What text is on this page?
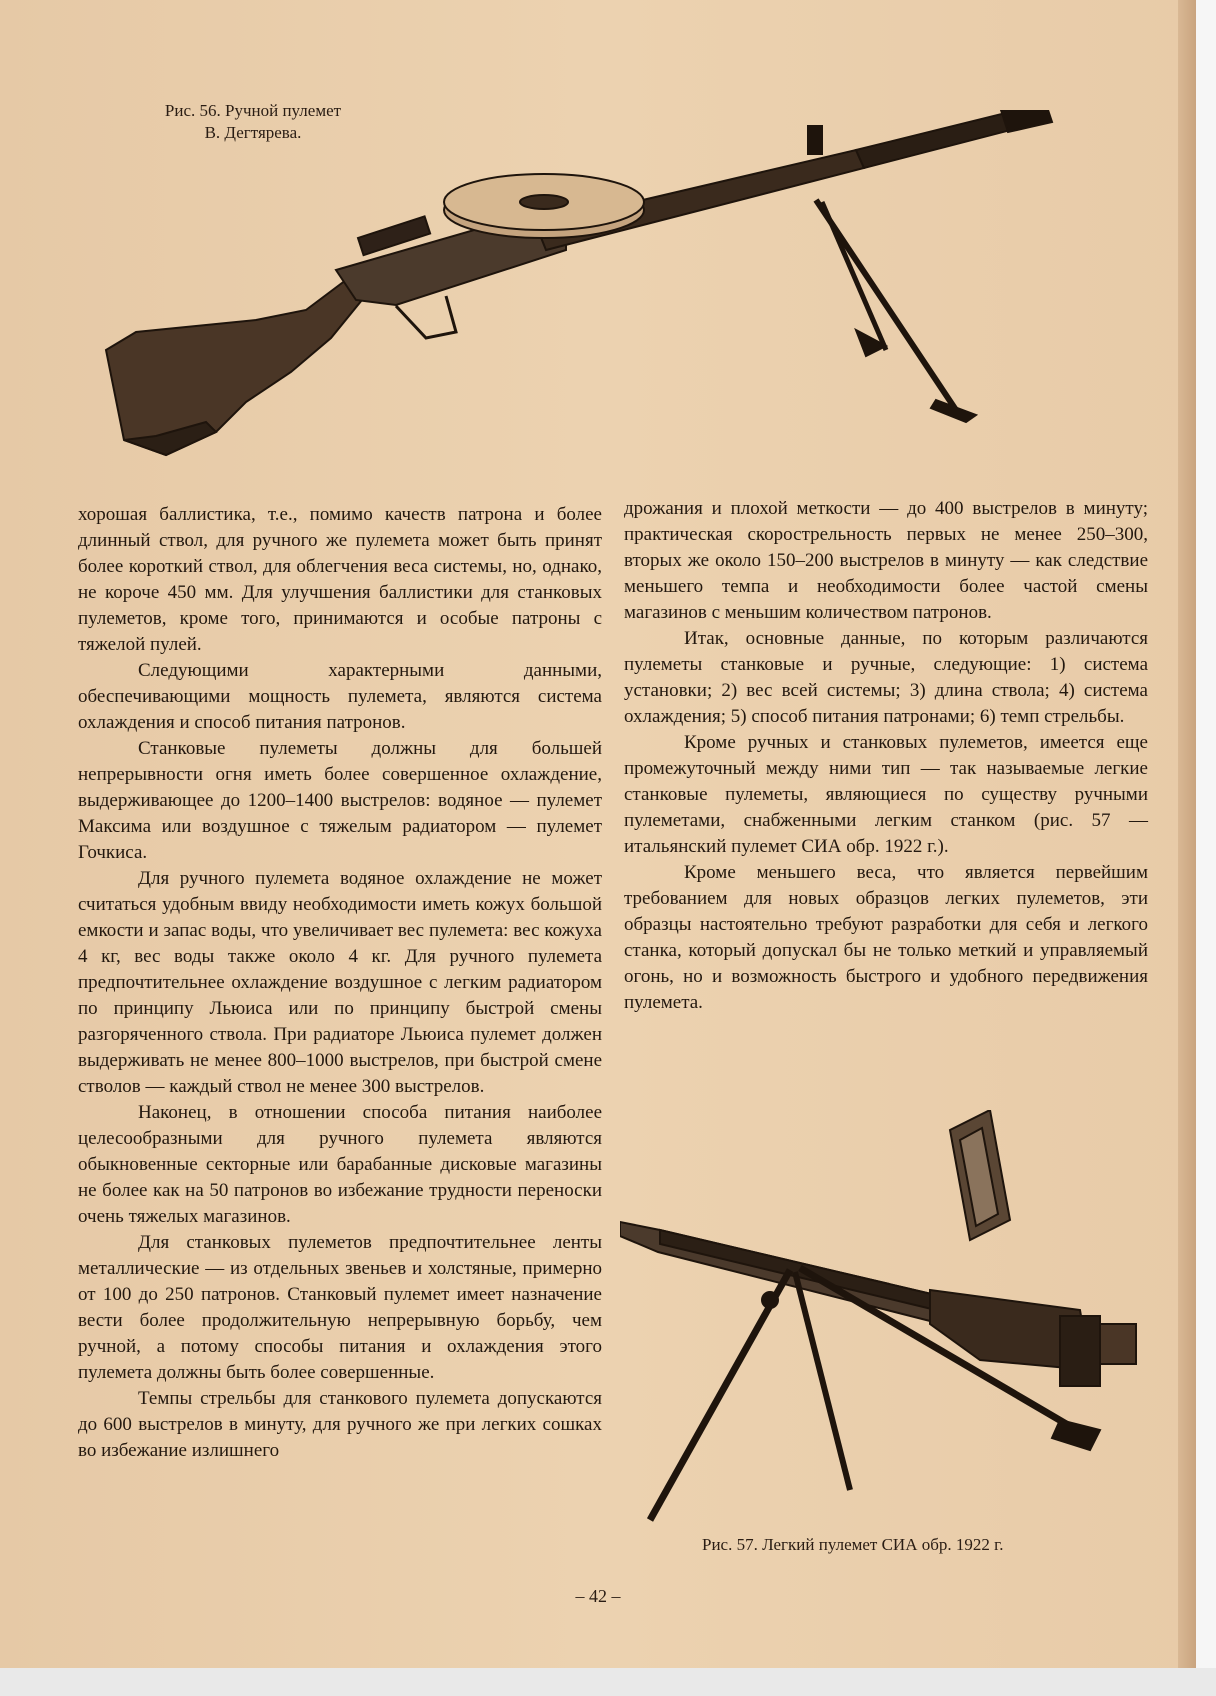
Рис. 56. Ручной пулемет
В. Дегтярева.

хорошая баллистика, т.е., помимо качеств патрона и более длинный ствол, для ручного же пулемета может быть принят более короткий ствол, для облегчения веса системы, но, однако, не короче 450 мм. Для улучшения баллистики для станковых пулеметов, кроме того, принимаются и особые патроны с тяжелой пулей.

Следующими характерными данными, обеспечивающими мощность пулемета, являются система охлаждения и способ питания патронов.

Станковые пулеметы должны для большей непрерывности огня иметь более совершенное охлаждение, выдерживающее до 1200–1400 выстрелов: водяное — пулемет Максима или воздушное с тяжелым радиатором — пулемет Гочкиса.

Для ручного пулемета водяное охлаждение не может считаться удобным ввиду необходимости иметь кожух большой емкости и запас воды, что увеличивает вес пулемета: вес кожуха 4 кг, вес воды также около 4 кг. Для ручного пулемета предпочтительнее охлаждение воздушное с легким радиатором по принципу Льюиса или по принципу быстрой смены разгоряченного ствола. При радиаторе Льюиса пулемет должен выдерживать не менее 800–1000 выстрелов, при быстрой смене стволов — каждый ствол не менее 300 выстрелов.

Наконец, в отношении способа питания наиболее целесообразными для ручного пулемета являются обыкновенные секторные или барабанные дисковые магазины не более как на 50 патронов во избежание трудности переноски очень тяжелых магазинов.

Для станковых пулеметов предпочтительнее ленты металлические — из отдельных звеньев и холстяные, примерно от 100 до 250 патронов. Станковый пулемет имеет назначение вести более продолжительную непрерывную борьбу, чем ручной, а потому способы питания и охлаждения этого пулемета должны быть более совершенные.

Темпы стрельбы для станкового пулемета допускаются до 600 выстрелов в минуту, для ручного же при легких сошках во избежание излишнего

дрожания и плохой меткости — до 400 выстрелов в минуту; практическая скорострельность первых не менее 250–300, вторых же около 150–200 выстрелов в минуту — как следствие меньшего темпа и необходимости более частой смены магазинов с меньшим количеством патронов.

Итак, основные данные, по которым различаются пулеметы станковые и ручные, следующие: 1) система установки; 2) вес всей системы; 3) длина ствола; 4) система охлаждения; 5) способ питания патронами; 6) темп стрельбы.

Кроме ручных и станковых пулеметов, имеется еще промежуточный между ними тип — так называемые легкие станковые пулеметы, являющиеся по существу ручными пулеметами, снабженными легким станком (рис. 57 — итальянский пулемет СИА обр. 1922 г.).

Кроме меньшего веса, что является первейшим требованием для новых образцов легких пулеметов, эти образцы настоятельно требуют разработки для себя и легкого станка, который допускал бы не только меткий и управляемый огонь, но и возможность быстрого и удобного передвижения пулемета.

Рис. 57. Легкий пулемет СИА обр. 1922 г.
– 42 –
